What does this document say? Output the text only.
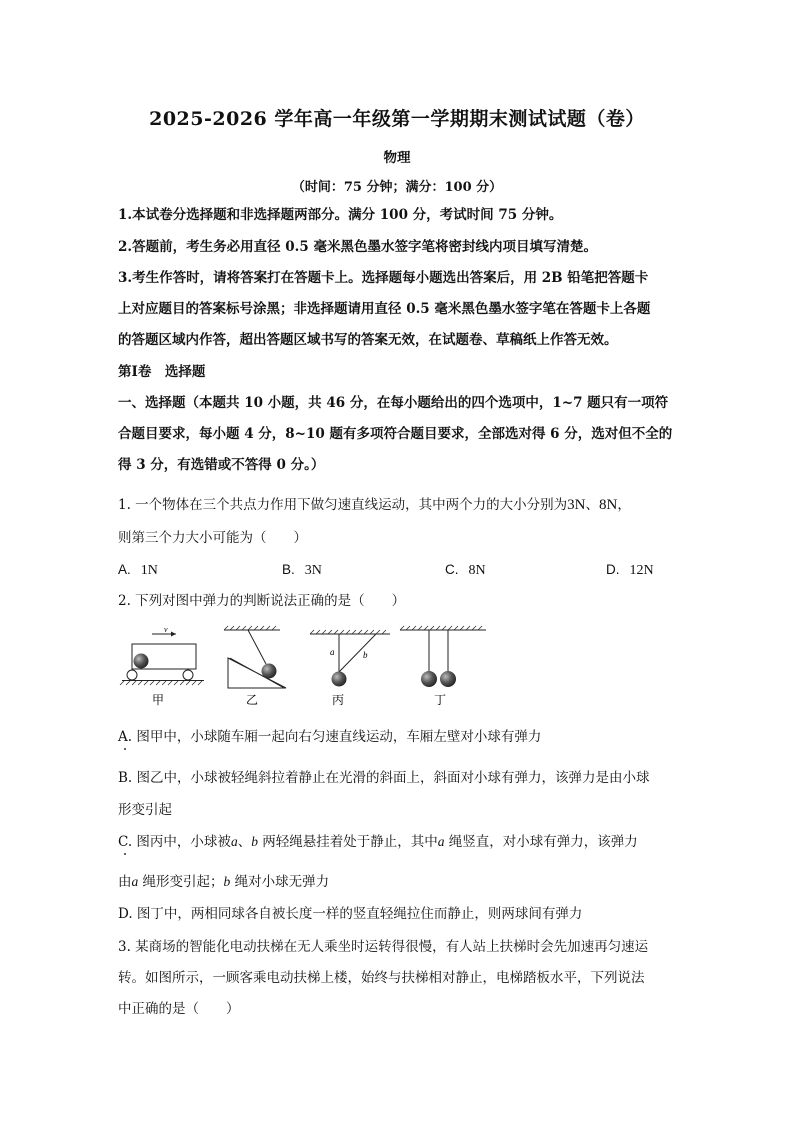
2025-2026 学年高一年级第一学期期末测试试题（卷）
物理
（时间：75 分钟；满分：100 分）
1.本试卷分选择题和非选择题两部分。满分 100 分，考试时间 75 分钟。
2.答题前，考生务必用直径 0.5 毫米黑色墨水签字笔将密封线内项目填写清楚。
3.考生作答时，请将答案打在答题卡上。选择题每小题选出答案后，用 2B 铅笔把答题卡
上对应题目的答案标号涂黑；非选择题请用直径 0.5 毫米黑色墨水签字笔在答题卡上各题
的答题区域内作答，超出答题区域书写的答案无效，在试题卷、草稿纸上作答无效。
第Ⅰ卷　选择题
一、选择题（本题共 10 小题，共 46 分，在每小题给出的四个选项中，1~7 题只有一项符
合题目要求，每小题 4 分，8~10 题有多项符合题目要求，全部选对得 6 分，选对但不全的
得 3 分，有选错或不答得 0 分。）
1. 一个物体在三个共点力作用下做匀速直线运动，其中两个力的大小分别为3N、8N，
则第三个力大小可能为（　　）
A. 1N	B. 3N	C. 8N	D. 12N
2. 下列对图中弹力的判断说法正确的是（　　）
v
甲	乙
a	b
丙	丁
A. 图甲中，小球随车厢一起向右匀速直线运动，车厢左壁对小球有弹力
B. 图乙中，小球被轻绳斜拉着静止在光滑的斜面上，斜面对小球有弹力，该弹力是由小球
形变引起
C. 图丙中，小球被a、b 两轻绳悬挂着处于静止，其中a 绳竖直，对小球有弹力，该弹力
由a 绳形变引起；b 绳对小球无弹力
D. 图丁中，两相同球各自被长度一样的竖直轻绳拉住而静止，则两球间有弹力
3. 某商场的智能化电动扶梯在无人乘坐时运转得很慢，有人站上扶梯时会先加速再匀速运
转。如图所示，一顾客乘电动扶梯上楼，始终与扶梯相对静止，电梯踏板水平，下列说法
中正确的是（　　）
